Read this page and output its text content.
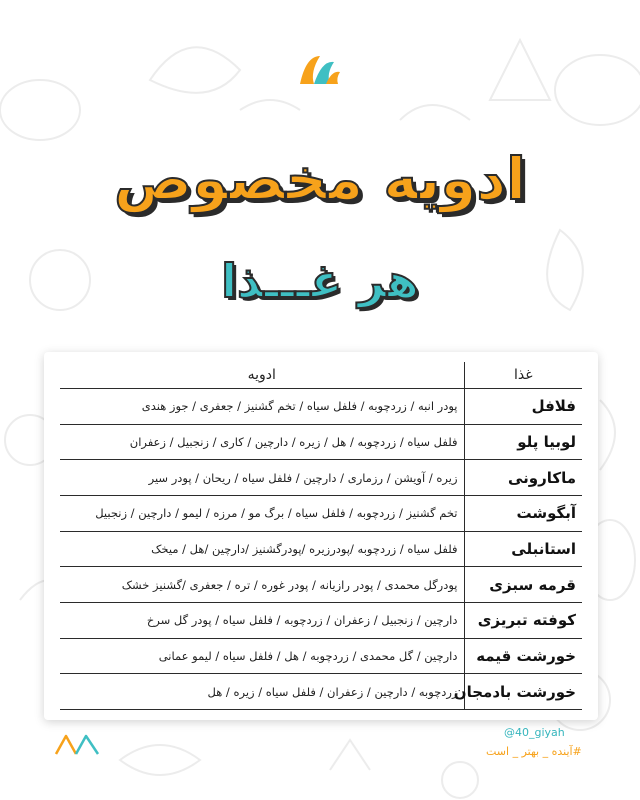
ادویه مخصوص
هر غـــذا
غذا	ادویه
فلافل	پودر انبه / زردچوبه / فلفل سیاه / تخم گشنیز / جعفری / جوز هندی
لوبیا پلو	فلفل سیاه / زردچوبه / هل / زیره / دارچین / کاری / زنجبیل / زعفران
ماکارونی	زیره / آویشن / رزماری / دارچین / فلفل سیاه / ریحان / پودر سیر
آبگوشت	تخم گشنیز / زردچوبه / فلفل سیاه / برگ مو / مرزه / لیمو / دارچین / زنجبیل
استانبلی	فلفل سیاه / زردچوبه /پودرزیره /پودرگشنیز /دارچین /هل / میخک
قرمه سبزی	پودرگل محمدی / پودر رازیانه / پودر غوره / تره / جعفری /گشنیز خشک
کوفته تبریزی	دارچین / زنجبیل / زعفران / زردچوبه / فلفل سیاه / پودر گل سرخ
خورشت قیمه	دارچین / گل محمدی / زردچوبه / هل / فلفل سیاه / لیمو عمانی
خورشت بادمجان	زردچوبه / دارچین / زعفران / فلفل سیاه / زیره / هل
@40_giyah
#آینده _ بهتر _ است
